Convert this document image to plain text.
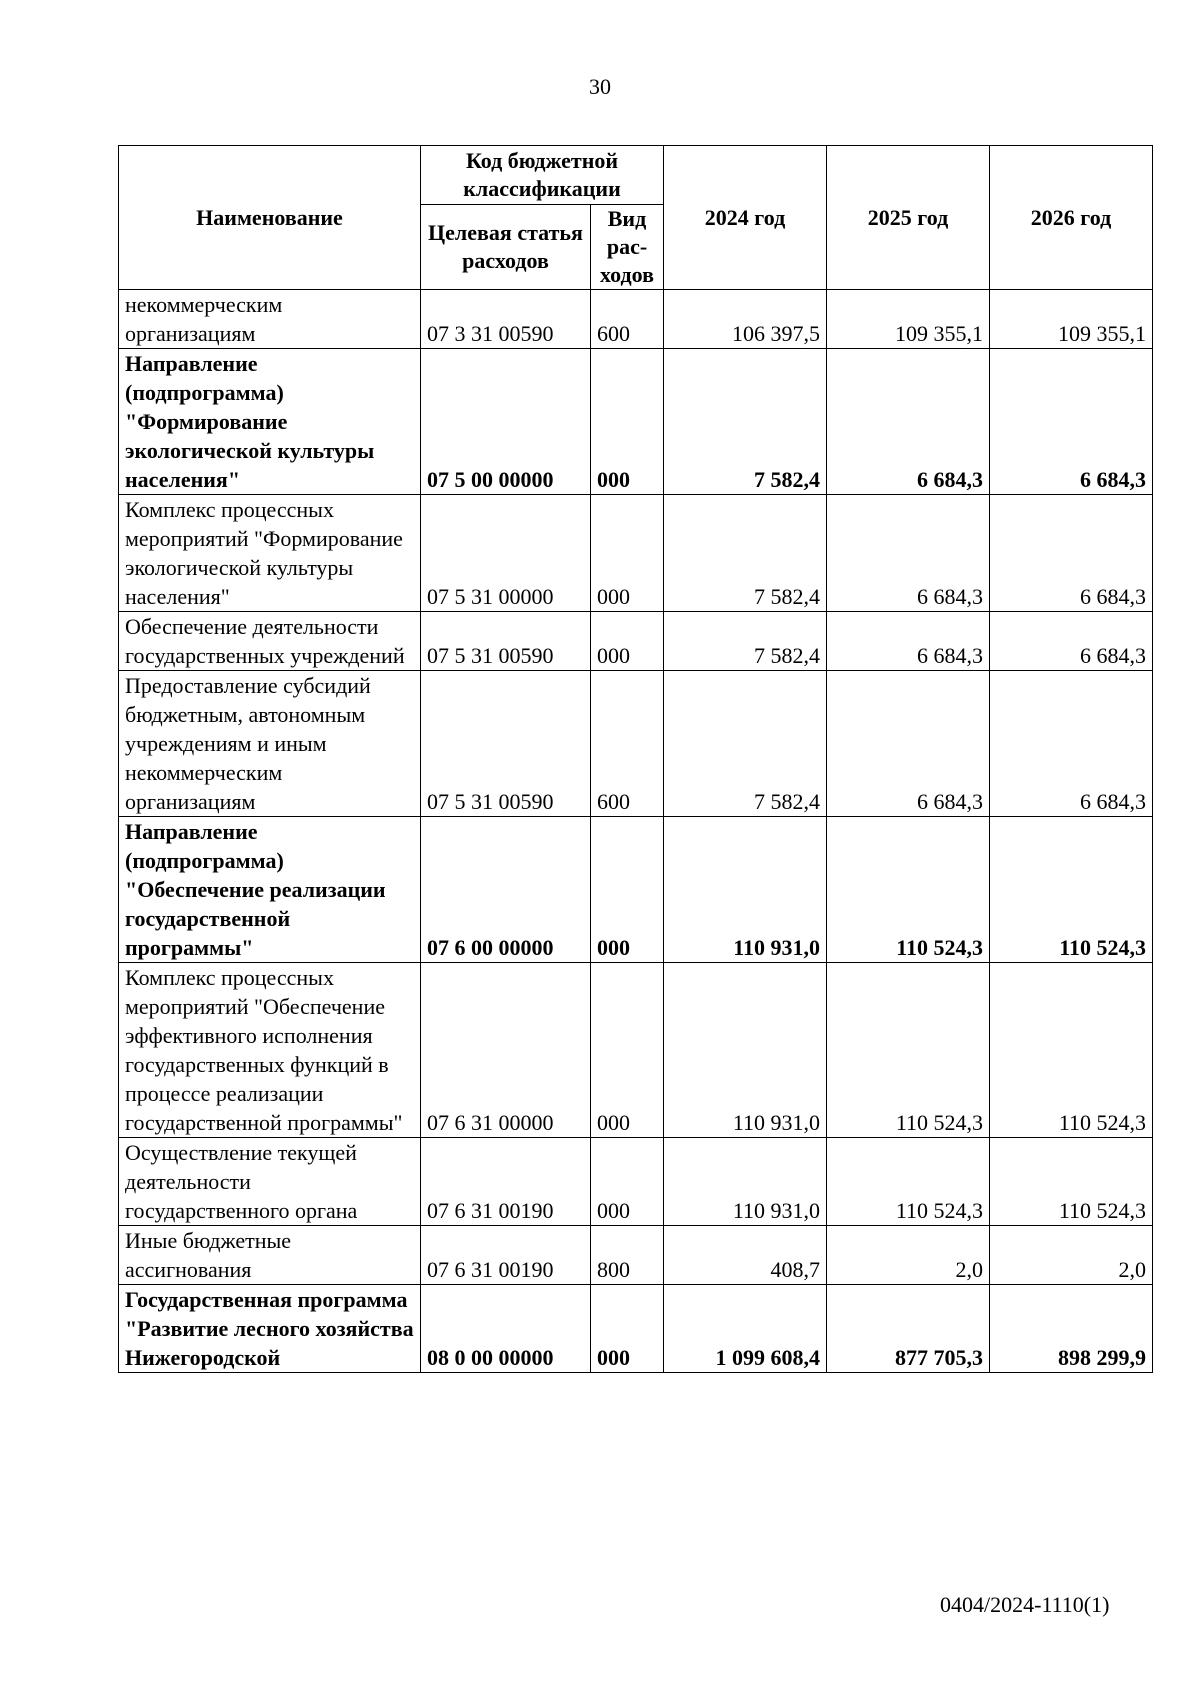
30
Наименование	Код бюджетной классификации		2024 год	2025 год	2026 год
	Целевая статья расходов	Вид рас-ходов			
некоммерческим организациям	07 3 31 00590	600	106 397,5	109 355,1	109 355,1
Направление (подпрограмма) "Формирование экологической культуры населения"	07 5 00 00000	000	7 582,4	6 684,3	6 684,3
Комплекс процессных мероприятий "Формирование экологической культуры населения"	07 5 31 00000	000	7 582,4	6 684,3	6 684,3
Обеспечение деятельности государственных учреждений	07 5 31 00590	000	7 582,4	6 684,3	6 684,3
Предоставление субсидий бюджетным, автономным учреждениям и иным некоммерческим организациям	07 5 31 00590	600	7 582,4	6 684,3	6 684,3
Направление (подпрограмма) "Обеспечение реализации государственной программы"	07 6 00 00000	000	110 931,0	110 524,3	110 524,3
Комплекс процессных мероприятий "Обеспечение эффективного исполнения государственных функций в процессе реализации государственной программы"	07 6 31 00000	000	110 931,0	110 524,3	110 524,3
Осуществление текущей деятельности государственного органа	07 6 31 00190	000	110 931,0	110 524,3	110 524,3
Иные бюджетные ассигнования	07 6 31 00190	800	408,7	2,0	2,0
Государственная программа "Развитие лесного хозяйства Нижегородской	08 0 00 00000	000	1 099 608,4	877 705,3	898 299,9
0404/2024-1110(1)
